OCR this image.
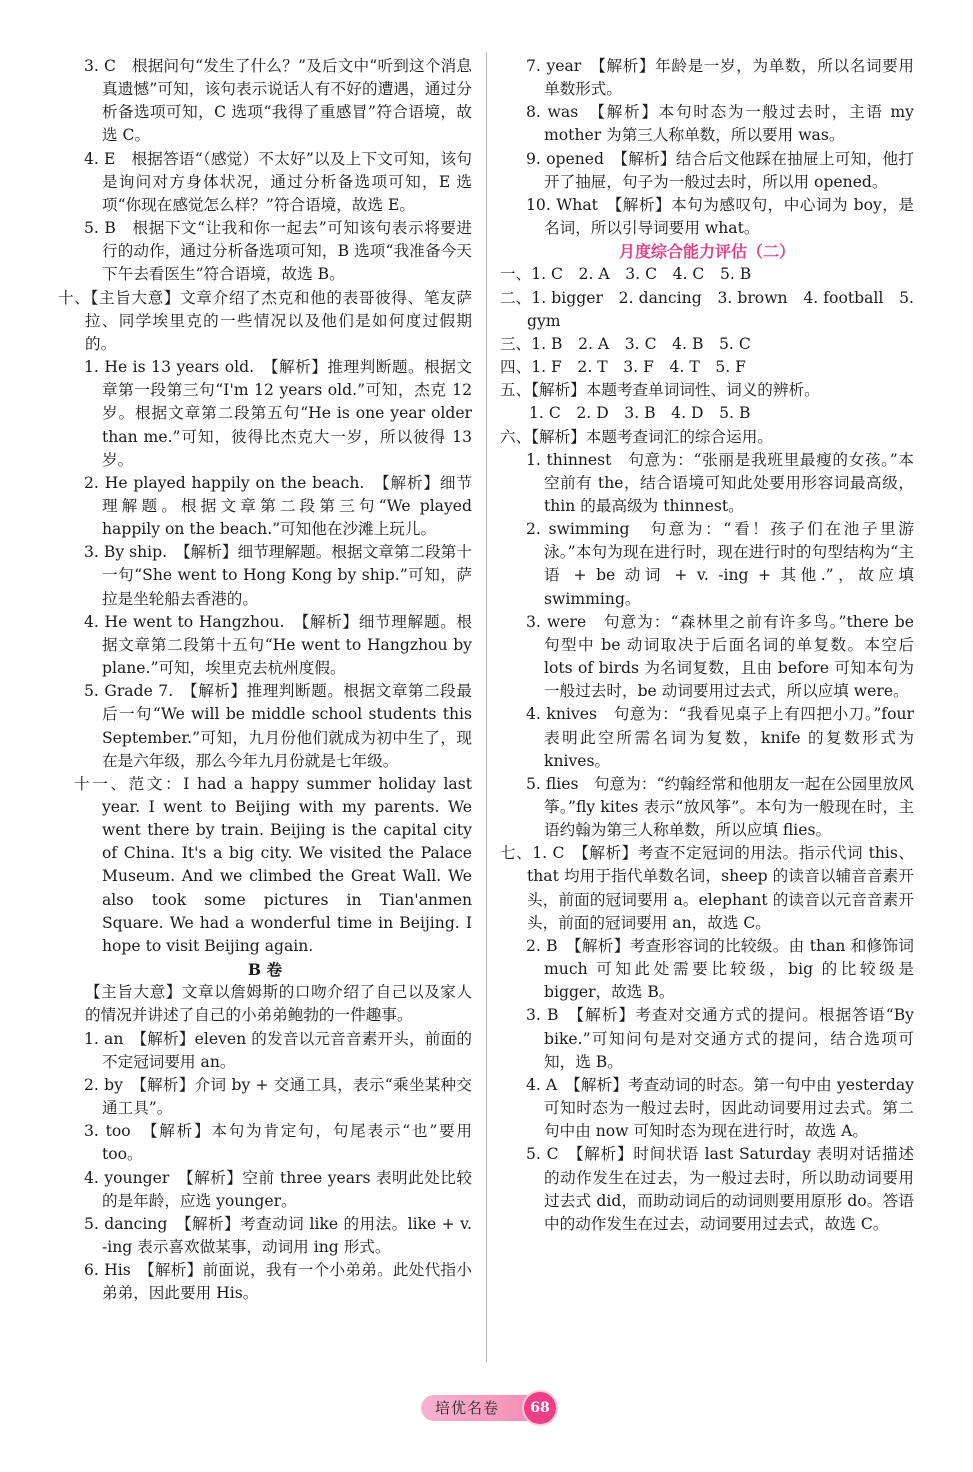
3. C　根据问句“发生了什么？”及后文中“听到这个消息真遗憾”可知，该句表示说话人有不好的遭遇，通过分析备选项可知，C 选项“我得了重感冒”符合语境，故选 C。
4. E　根据答语“（感觉）不太好”以及上下文可知，该句是询问对方身体状况，通过分析备选项可知，E 选项“你现在感觉怎么样？”符合语境，故选 E。
5. B　根据下文“让我和你一起去”可知该句表示将要进行的动作，通过分析备选项可知，B 选项“我准备今天下午去看医生”符合语境，故选 B。
十、【主旨大意】文章介绍了杰克和他的表哥彼得、笔友萨拉、同学埃里克的一些情况以及他们是如何度过假期的。
1. He is 13 years old.　【解析】推理判断题。根据文章第一段第三句“I'm 12 years old.”可知，杰克 12 岁。根据文章第二段第五句“He is one year older than me.”可知，彼得比杰克大一岁，所以彼得 13 岁。
2. He played happily on the beach.　【解析】细节理解题。根据文章第二段第三句“We played happily on the beach.”可知他在沙滩上玩儿。
3. By ship.　【解析】细节理解题。根据文章第二段第十一句“She went to Hong Kong by ship.”可知，萨拉是坐轮船去香港的。
4. He went to Hangzhou.　【解析】细节理解题。根据文章第二段第十五句“He went to Hangzhou by plane.”可知，埃里克去杭州度假。
5. Grade 7.　【解析】推理判断题。根据文章第二段最后一句“We will be middle school students this September.”可知，九月份他们就成为初中生了，现在是六年级，那么今年九月份就是七年级。
十一、范文：I had a happy summer holiday last year. I went to Beijing with my parents. We went there by train. Beijing is the capital city of China. It's a big city. We visited the Palace Museum. And we climbed the Great Wall. We also took some pictures in Tian'anmen Square. We had a wonderful time in Beijing. I hope to visit Beijing again.
B 卷
【主旨大意】文章以詹姆斯的口吻介绍了自己以及家人的情况并讲述了自己的小弟弟鲍勃的一件趣事。
1. an　【解析】eleven 的发音以元音音素开头，前面的不定冠词要用 an。
2. by　【解析】介词 by + 交通工具，表示“乘坐某种交通工具”。
3. too　【解析】本句为肯定句，句尾表示“也”要用 too。
4. younger　【解析】空前 three years 表明此处比较的是年龄，应选 younger。
5. dancing　【解析】考查动词 like 的用法。like + v. -ing 表示喜欢做某事，动词用 ing 形式。
6. His　【解析】前面说，我有一个小弟弟。此处代指小弟弟，因此要用 His。
7. year　【解析】年龄是一岁，为单数，所以名词要用单数形式。
8. was　【解析】本句时态为一般过去时，主语 my mother 为第三人称单数，所以要用 was。
9. opened　【解析】结合后文他踩在抽屉上可知，他打开了抽屉，句子为一般过去时，所以用 opened。
10. What　【解析】本句为感叹句，中心词为 boy，是名词，所以引导词要用 what。
月度综合能力评估（二）
一、1. C　2. A　3. C　4. C　5. B
二、1. bigger　2. dancing　3. brown　4. football　5. gym
三、1. B　2. A　3. C　4. B　5. C
四、1. F　2. T　3. F　4. T　5. F
五、【解析】本题考查单词词性、词义的辨析。
1. C　2. D　3. B　4. D　5. B
六、【解析】本题考查词汇的综合运用。
1. thinnest　句意为：“张丽是我班里最瘦的女孩。”本空前有 the，结合语境可知此处要用形容词最高级，thin 的最高级为 thinnest。
2. swimming　句意为：“看！孩子们在池子里游泳。”本句为现在进行时，现在进行时的句型结构为“主语 + be 动词 + v. -ing + 其他.”，故应填 swimming。
3. were　句意为：“森林里之前有许多鸟。”there be 句型中 be 动词取决于后面名词的单复数。本空后 lots of birds 为名词复数，且由 before 可知本句为一般过去时，be 动词要用过去式，所以应填 were。
4. knives　句意为：“我看见桌子上有四把小刀。”four 表明此空所需名词为复数，knife 的复数形式为 knives。
5. flies　句意为：“约翰经常和他朋友一起在公园里放风筝。”fly kites 表示“放风筝”。本句为一般现在时，主语约翰为第三人称单数，所以应填 flies。
七、1. C　【解析】考查不定冠词的用法。指示代词 this、that 均用于指代单数名词，sheep 的读音以辅音音素开头，前面的冠词要用 a。elephant 的读音以元音音素开头，前面的冠词要用 an，故选 C。
2. B　【解析】考查形容词的比较级。由 than 和修饰词 much 可知此处需要比较级，big 的比较级是 bigger，故选 B。
3. B　【解析】考查对交通方式的提问。根据答语“By bike.”可知问句是对交通方式的提问，结合选项可知，选 B。
4. A　【解析】考查动词的时态。第一句中由 yesterday 可知时态为一般过去时，因此动词要用过去式。第二句中由 now 可知时态为现在进行时，故选 A。
5. C　【解析】时间状语 last Saturday 表明对话描述的动作发生在过去，为一般过去时，所以助动词要用过去式 did，而助动词后的动词则要用原形 do。答语中的动作发生在过去，动词要用过去式，故选 C。
培优名卷	68
